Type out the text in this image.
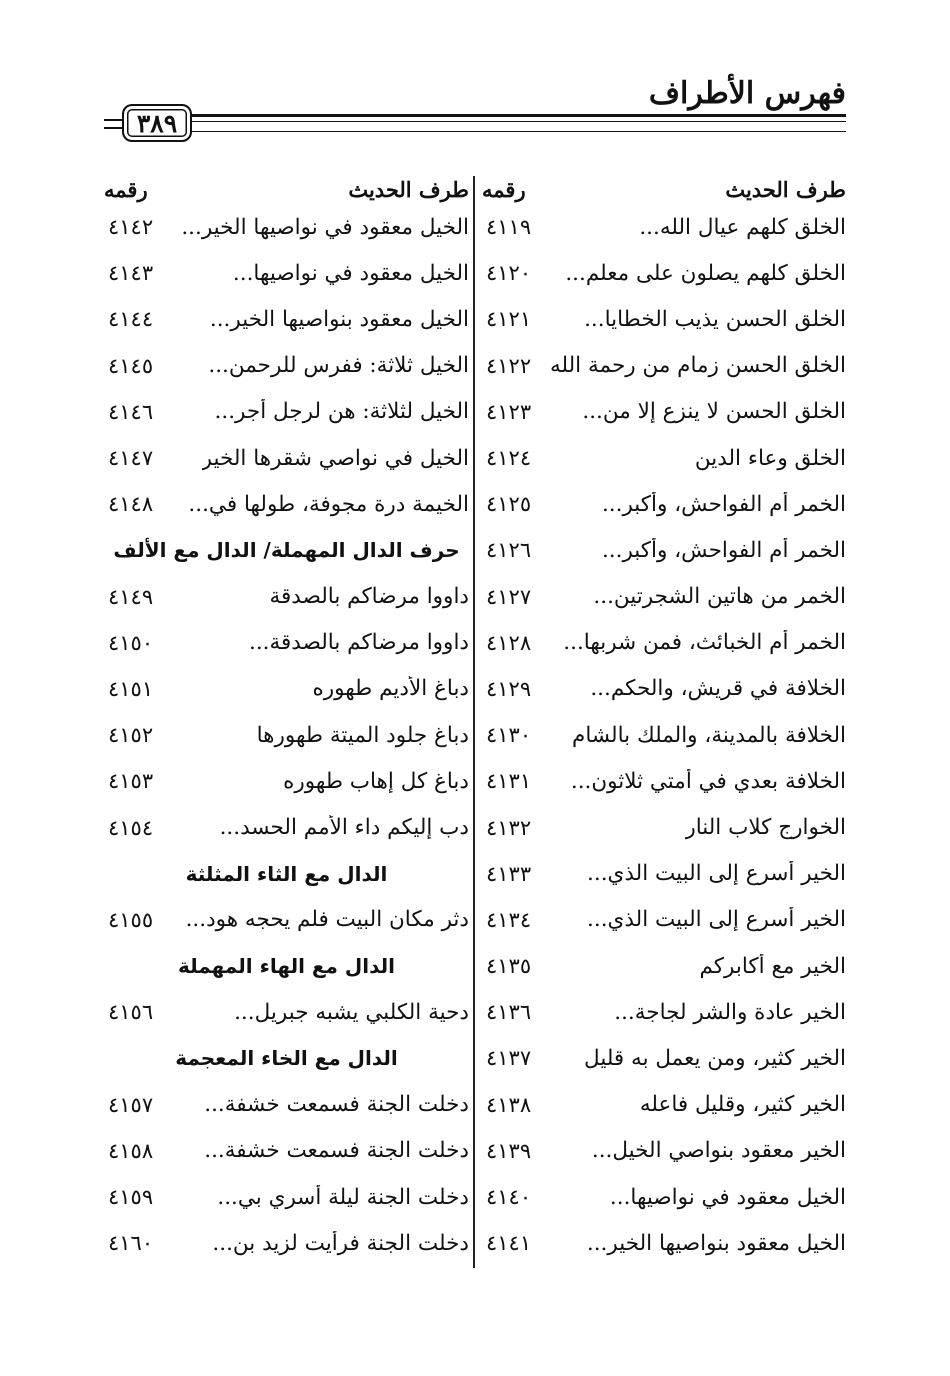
فهرس الأطراف
٣٨٩
طرف الحديث
رقمه
الخلق كلهم عيال الله...
٤١١٩
الخلق كلهم يصلون على معلم...
٤١٢٠
الخلق الحسن يذيب الخطايا...
٤١٢١
الخلق الحسن زمام من رحمة الله
٤١٢٢
الخلق الحسن لا ينزع إلا من...
٤١٢٣
الخلق وعاء الدين
٤١٢٤
الخمر أم الفواحش، وأكبر...
٤١٢٥
الخمر أم الفواحش، وأكبر...
٤١٢٦
الخمر من هاتين الشجرتين...
٤١٢٧
الخمر أم الخبائث، فمن شربها...
٤١٢٨
الخلافة في قريش، والحكم...
٤١٢٩
الخلافة بالمدينة، والملك بالشام
٤١٣٠
الخلافة بعدي في أمتي ثلاثون...
٤١٣١
الخوارج كلاب النار
٤١٣٢
الخير أسرع إلى البيت الذي...
٤١٣٣
الخير أسرع إلى البيت الذي...
٤١٣٤
الخير مع أكابركم
٤١٣٥
الخير عادة والشر لجاجة...
٤١٣٦
الخير كثير، ومن يعمل به قليل
٤١٣٧
الخير كثير، وقليل فاعله
٤١٣٨
الخير معقود بنواصي الخيل...
٤١٣٩
الخيل معقود في نواصيها...
٤١٤٠
الخيل معقود بنواصيها الخير...
٤١٤١
طرف الحديث
رقمه
الخيل معقود في نواصيها الخير...
٤١٤٢
الخيل معقود في نواصيها...
٤١٤٣
الخيل معقود بنواصيها الخير...
٤١٤٤
الخيل ثلاثة: ففرس للرحمن...
٤١٤٥
الخيل لثلاثة: هن لرجل أجر...
٤١٤٦
الخيل في نواصي شقرها الخير
٤١٤٧
الخيمة درة مجوفة، طولها في...
٤١٤٨
حرف الدال المهملة/ الدال مع الألف
داووا مرضاكم بالصدقة
٤١٤٩
داووا مرضاكم بالصدقة...
٤١٥٠
دباغ الأديم طهوره
٤١٥١
دباغ جلود الميتة طهورها
٤١٥٢
دباغ كل إهاب طهوره
٤١٥٣
دب إليكم داء الأمم الحسد...
٤١٥٤
الدال مع الثاء المثلثة
دثر مكان البيت فلم يحجه هود...
٤١٥٥
الدال مع الهاء المهملة
دحية الكلبي يشبه جبريل...
٤١٥٦
الدال مع الخاء المعجمة
دخلت الجنة فسمعت خشفة...
٤١٥٧
دخلت الجنة فسمعت خشفة...
٤١٥٨
دخلت الجنة ليلة أسري بي...
٤١٥٩
دخلت الجنة فرأيت لزيد بن...
٤١٦٠
